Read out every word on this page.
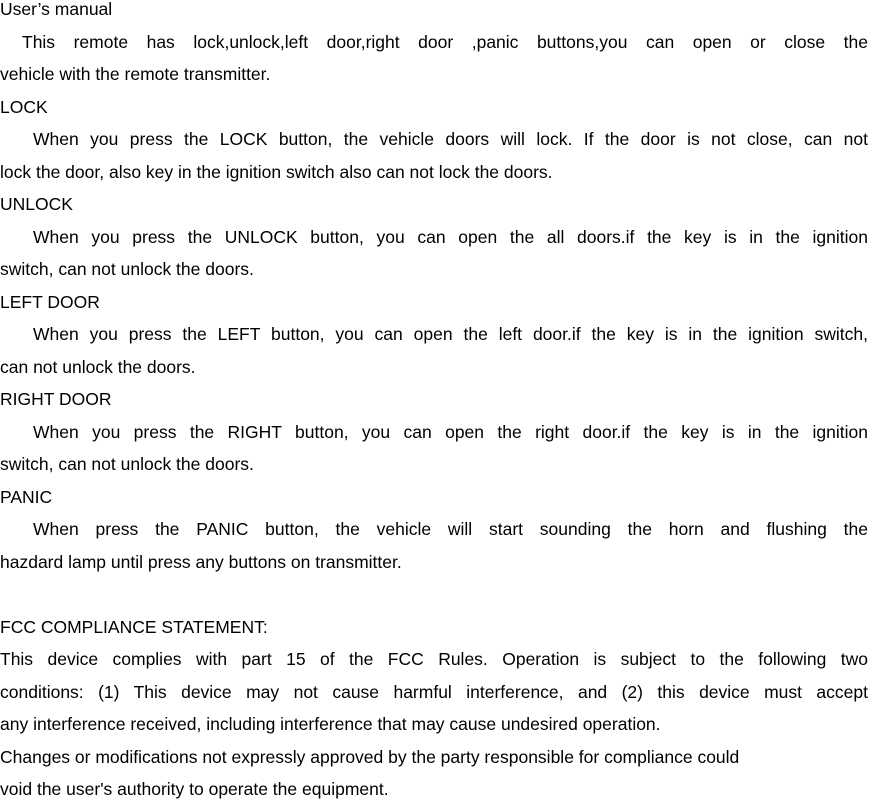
User’s manual
This remote has lock,unlock,left door,right door ,panic buttons,you can open or close the
vehicle with the remote transmitter.
LOCK
When you press the LOCK button, the vehicle doors will lock. If the door is not close, can not
lock the door, also key in the ignition switch also can not lock the doors.
UNLOCK
When you press the UNLOCK button, you can open the all doors.if the key is in the ignition
switch, can not unlock the doors.
LEFT DOOR
When you press the LEFT button, you can open the left door.if the key is in the ignition switch,
can not unlock the doors.
RIGHT DOOR
When you press the RIGHT button, you can open the right door.if the key is in the ignition
switch, can not unlock the doors.
PANIC
When press the PANIC button, the vehicle will start sounding the horn and flushing the
hazdard lamp until press any buttons on transmitter.
FCC COMPLIANCE STATEMENT:
This device complies with part 15 of the FCC Rules. Operation is subject to the following two
conditions: (1) This device may not cause harmful interference, and (2) this device must accept
any interference received, including interference that may cause undesired operation.
Changes or modifications not expressly approved by the party responsible for compliance could
void the user's authority to operate the equipment.
